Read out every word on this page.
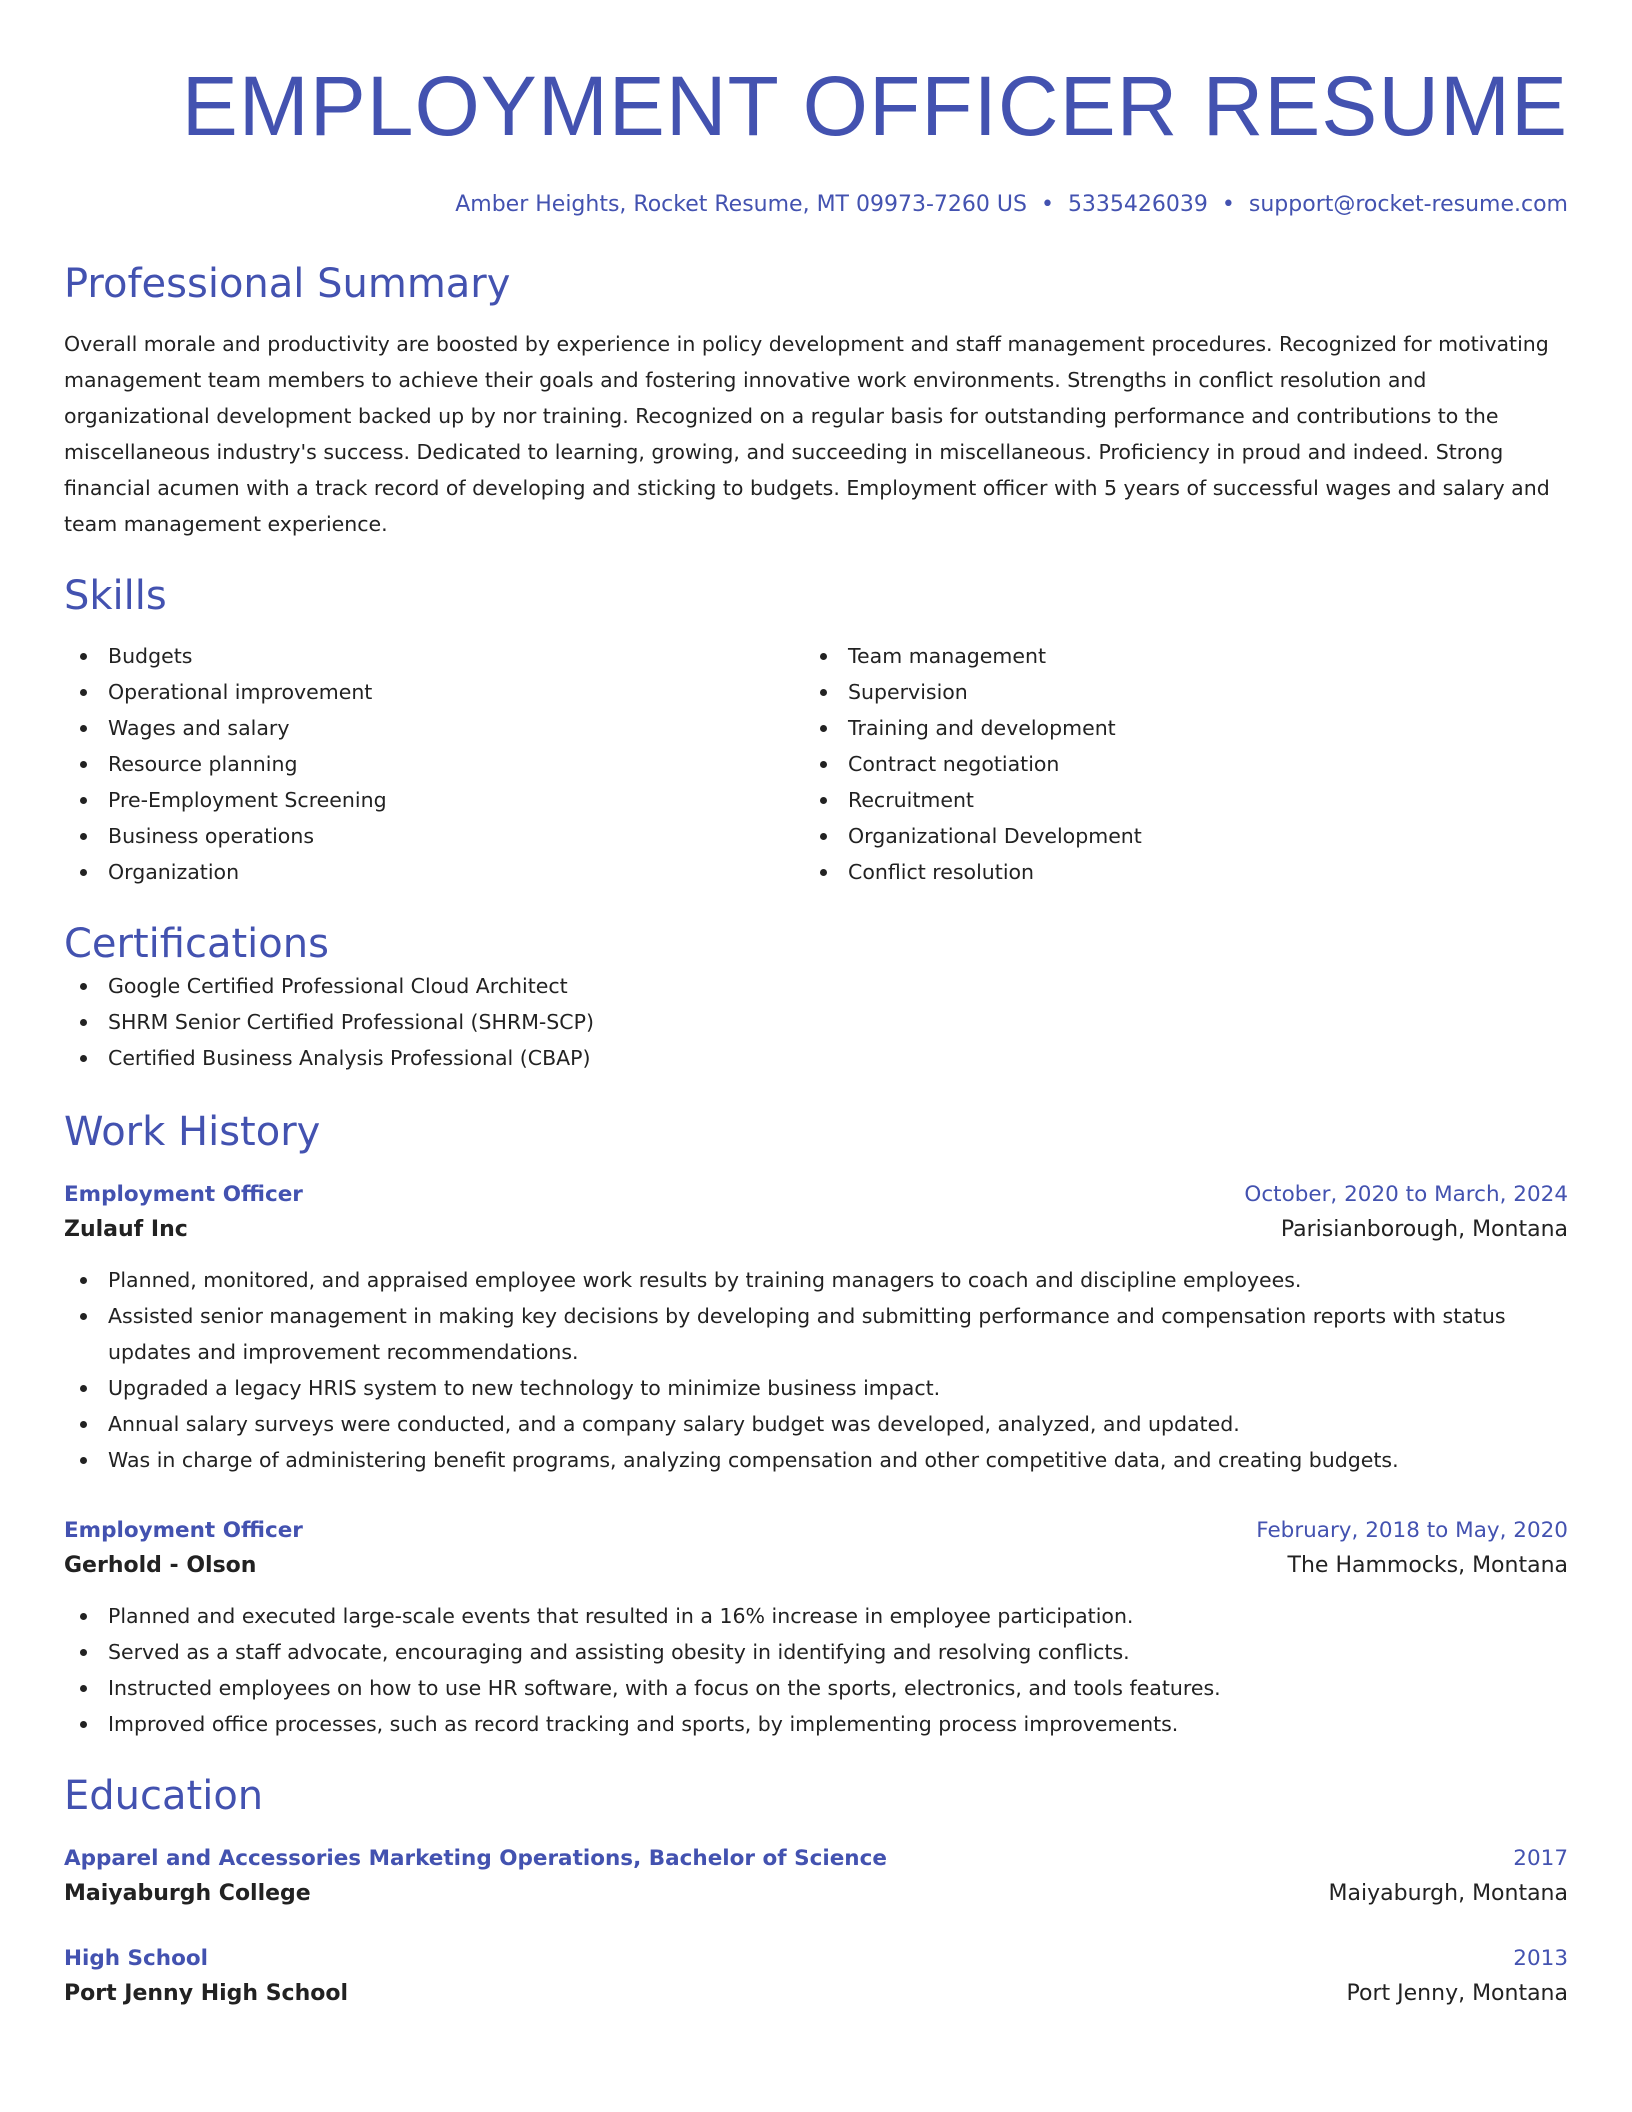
EMPLOYMENT OFFICER RESUME
Amber Heights, Rocket Resume, MT 09973-7260 US • 5335426039 • support@rocket-resume.com
Professional Summary

Overall morale and productivity are boosted by experience in policy development and staff management procedures. Recognized for motivating management team members to achieve their goals and fostering innovative work environments. Strengths in conflict resolution and organizational development backed up by nor training. Recognized on a regular basis for outstanding performance and contributions to the miscellaneous industry's success. Dedicated to learning, growing, and succeeding in miscellaneous. Proficiency in proud and indeed. Strong financial acumen with a track record of developing and sticking to budgets. Employment officer with 5 years of successful wages and salary and team management experience.

Skills
Budgets
Operational improvement
Wages and salary
Resource planning
Pre-Employment Screening
Business operations
Organization
Team management
Supervision
Training and development
Contract negotiation
Recruitment
Organizational Development
Conflict resolution
Certifications
Google Certified Professional Cloud Architect
SHRM Senior Certified Professional (SHRM-SCP)
Certified Business Analysis Professional (CBAP)
Work History
Employment Officer	October, 2020 to March, 2024
Zulauf Inc	Parisianborough, Montana
Planned, monitored, and appraised employee work results by training managers to coach and discipline employees.
Assisted senior management in making key decisions by developing and submitting performance and compensation reports with status updates and improvement recommendations.
Upgraded a legacy HRIS system to new technology to minimize business impact.
Annual salary surveys were conducted, and a company salary budget was developed, analyzed, and updated.
Was in charge of administering benefit programs, analyzing compensation and other competitive data, and creating budgets.
Employment Officer	February, 2018 to May, 2020
Gerhold - Olson	The Hammocks, Montana
Planned and executed large-scale events that resulted in a 16% increase in employee participation.
Served as a staff advocate, encouraging and assisting obesity in identifying and resolving conflicts.
Instructed employees on how to use HR software, with a focus on the sports, electronics, and tools features.
Improved office processes, such as record tracking and sports, by implementing process improvements.
Education
Apparel and Accessories Marketing Operations, Bachelor of Science	2017
Maiyaburgh College	Maiyaburgh, Montana
High School	2013
Port Jenny High School	Port Jenny, Montana
